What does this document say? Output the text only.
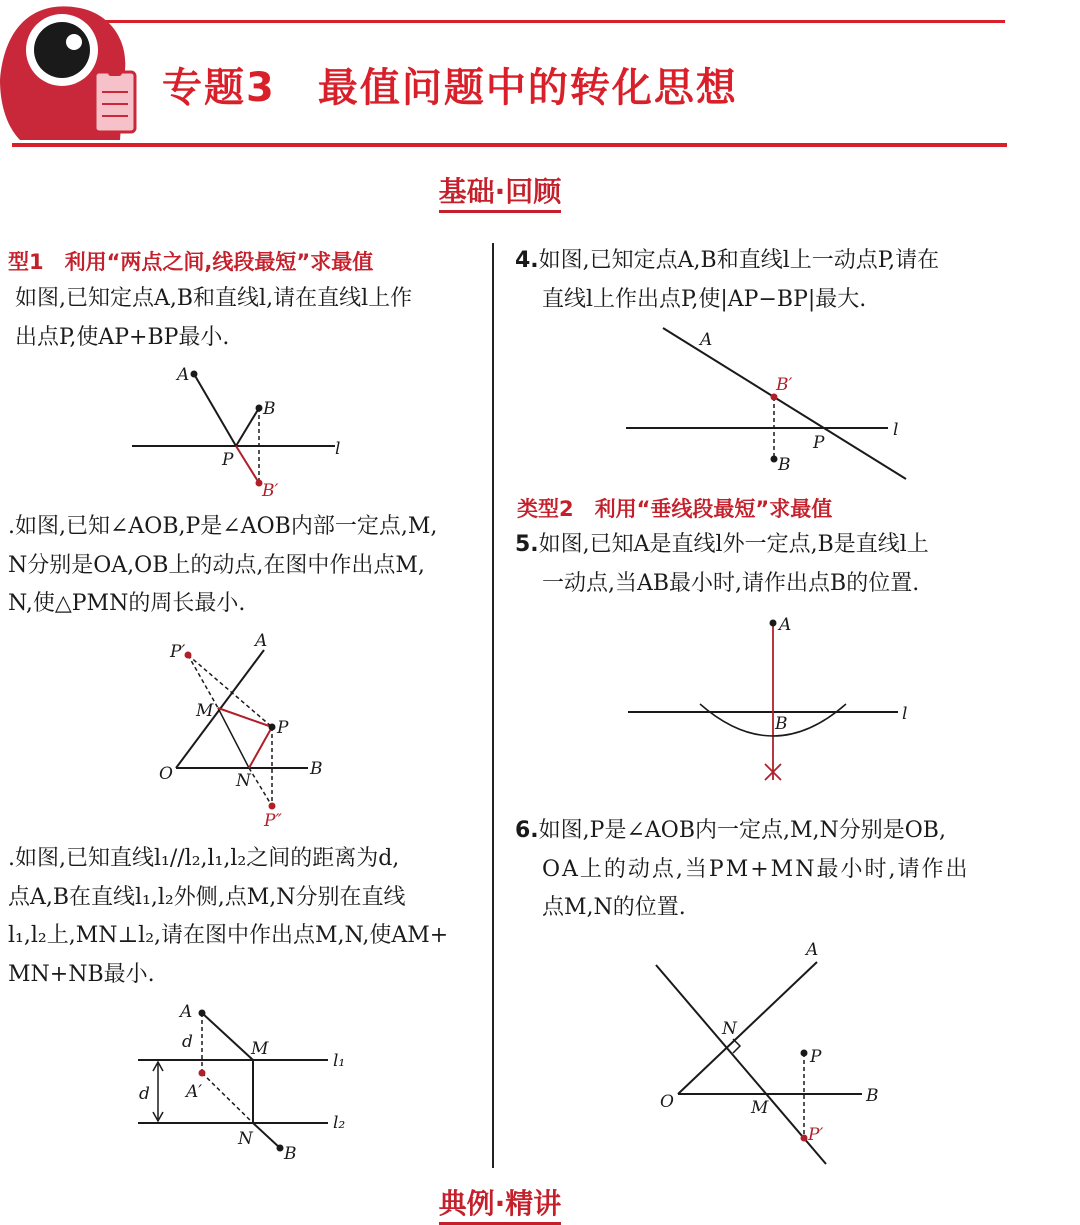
专题3 最值问题中的转化思想
基础·回顾
型1　利用“两点之间,线段最短”求最值
如图,已知定点A,B和直线l,请在直线l上作
出点P,使AP+BP最小.
A
B
P
B′
l
.如图,已知∠AOB,P是∠AOB内部一定点,M,
N分别是OA,OB上的动点,在图中作出点M,
N,使△PMN的周长最小.
P′
A
M
P
O	N
B
P″
.如图,已知直线l₁//l₂,l₁,l₂之间的距离为d,
点A,B在直线l₁,l₂外侧,点M,N分别在直线
l₁,l₂上,MN⊥l₂,请在图中作出点M,N,使AM+
MN+NB最小.
A
d	M
l₁
d A′
l₂
N
B
4.如图,已知定点A,B和直线l上一动点P,请在
直线l上作出点P,使|AP−BP|最大.
A
B′
l
P
B
类型2　利用“垂线段最短”求最值
5.如图,已知A是直线l外一定点,B是直线l上
一动点,当AB最小时,请作出点B的位置.
A
B	l
6.如图,P是∠AOB内一定点,M,N分别是OB,
OA上的动点,当PM+MN最小时,请作出
点M,N的位置.
A
N
P
O	M
B
P′
典例·精讲
